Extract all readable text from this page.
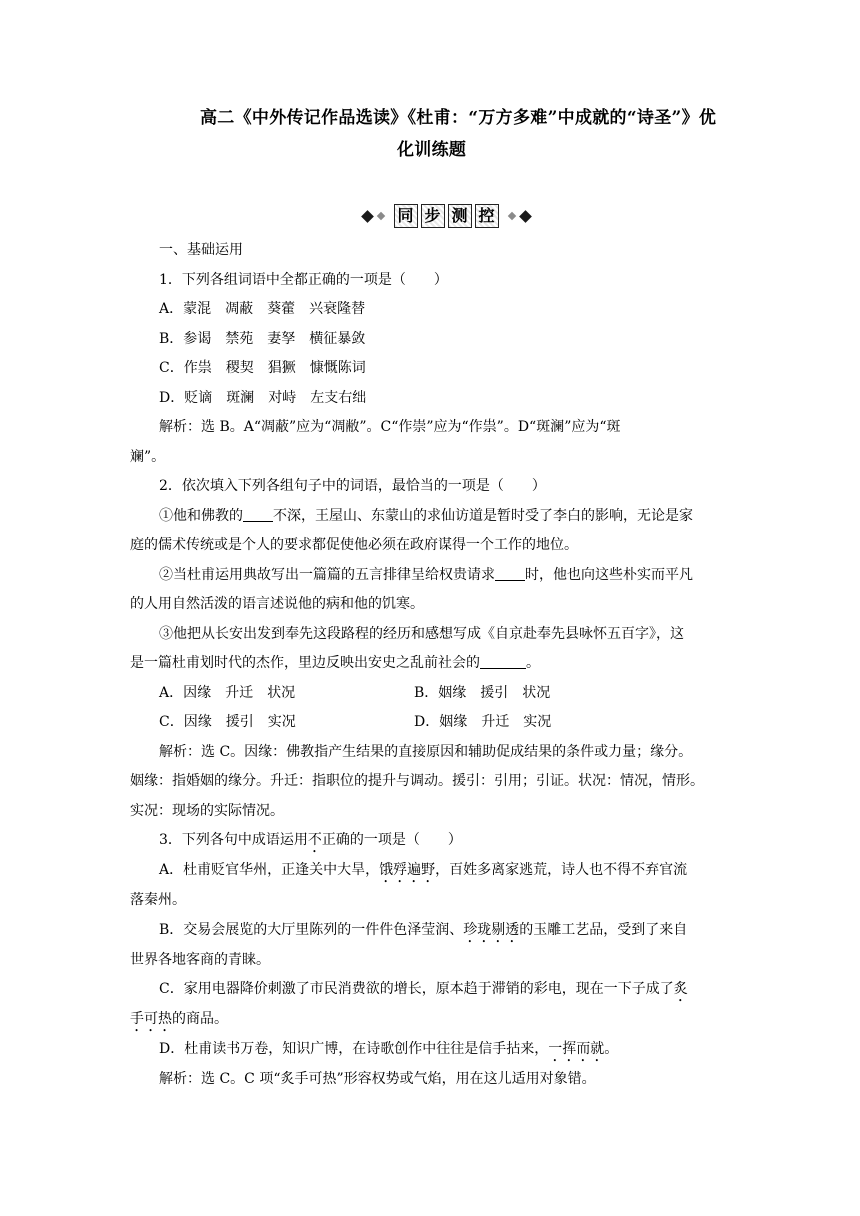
高二《中外传记作品选读》《杜甫：“万方多难”中成就的“诗圣”》优
化训练题
同 步 测 控
一、基础运用
1．下列各组词语中全都正确的一项是（　　）
A．蒙混　凋蔽　葵藿　兴衰隆替
B．参谒　禁苑　妻孥　横征暴敛
C．作祟　稷契　猖獗　慷慨陈词
D．贬谪　斑澜　对峙　左支右绌
解析：选 B。A“凋蔽”应为“凋敝”。C“作崇”应为“作祟”。D“斑澜”应为“斑
斓”。
2．依次填入下列各组句子中的词语，最恰当的一项是（　　）
①他和佛教的 不深，王屋山、东蒙山的求仙访道是暂时受了李白的影响，无论是家
庭的儒术传统或是个人的要求都促使他必须在政府谋得一个工作的地位。
②当杜甫运用典故写出一篇篇的五言排律呈给权贵请求 时，他也向这些朴实而平凡
的人用自然活泼的语言述说他的病和他的饥寒。
③他把从长安出发到奉先这段路程的经历和感想写成《自京赴奉先县咏怀五百字》，这
是一篇杜甫划时代的杰作，里边反映出安史之乱前社会的	。
A．因缘　升迁　状况	B．姻缘　援引　状况
C．因缘　援引　实况	D．姻缘　升迁　实况
解析：选 C。因缘：佛教指产生结果的直接原因和辅助促成结果的条件或力量；缘分。
姻缘：指婚姻的缘分。升迁：指职位的提升与调动。援引：引用；引证。状况：情况，情形。
实况：现场的实际情况。
3．下列各句中成语运用不正确的一项是（　　）
A．杜甫贬官华州，正逢关中大旱，饿殍遍野，百姓多离家逃荒，诗人也不得不弃官流
落秦州。
B．交易会展览的大厅里陈列的一件件色泽莹润、珍珑剔透的玉雕工艺品，受到了来自
世界各地客商的青睐。
C．家用电器降价刺激了市民消费欲的增长，原本趋于滞销的彩电，现在一下子成了炙
手可热的商品。
D．杜甫读书万卷，知识广博，在诗歌创作中往往是信手拈来，一挥而就。
解析：选 C。C 项“炙手可热”形容权势或气焰，用在这儿适用对象错。
